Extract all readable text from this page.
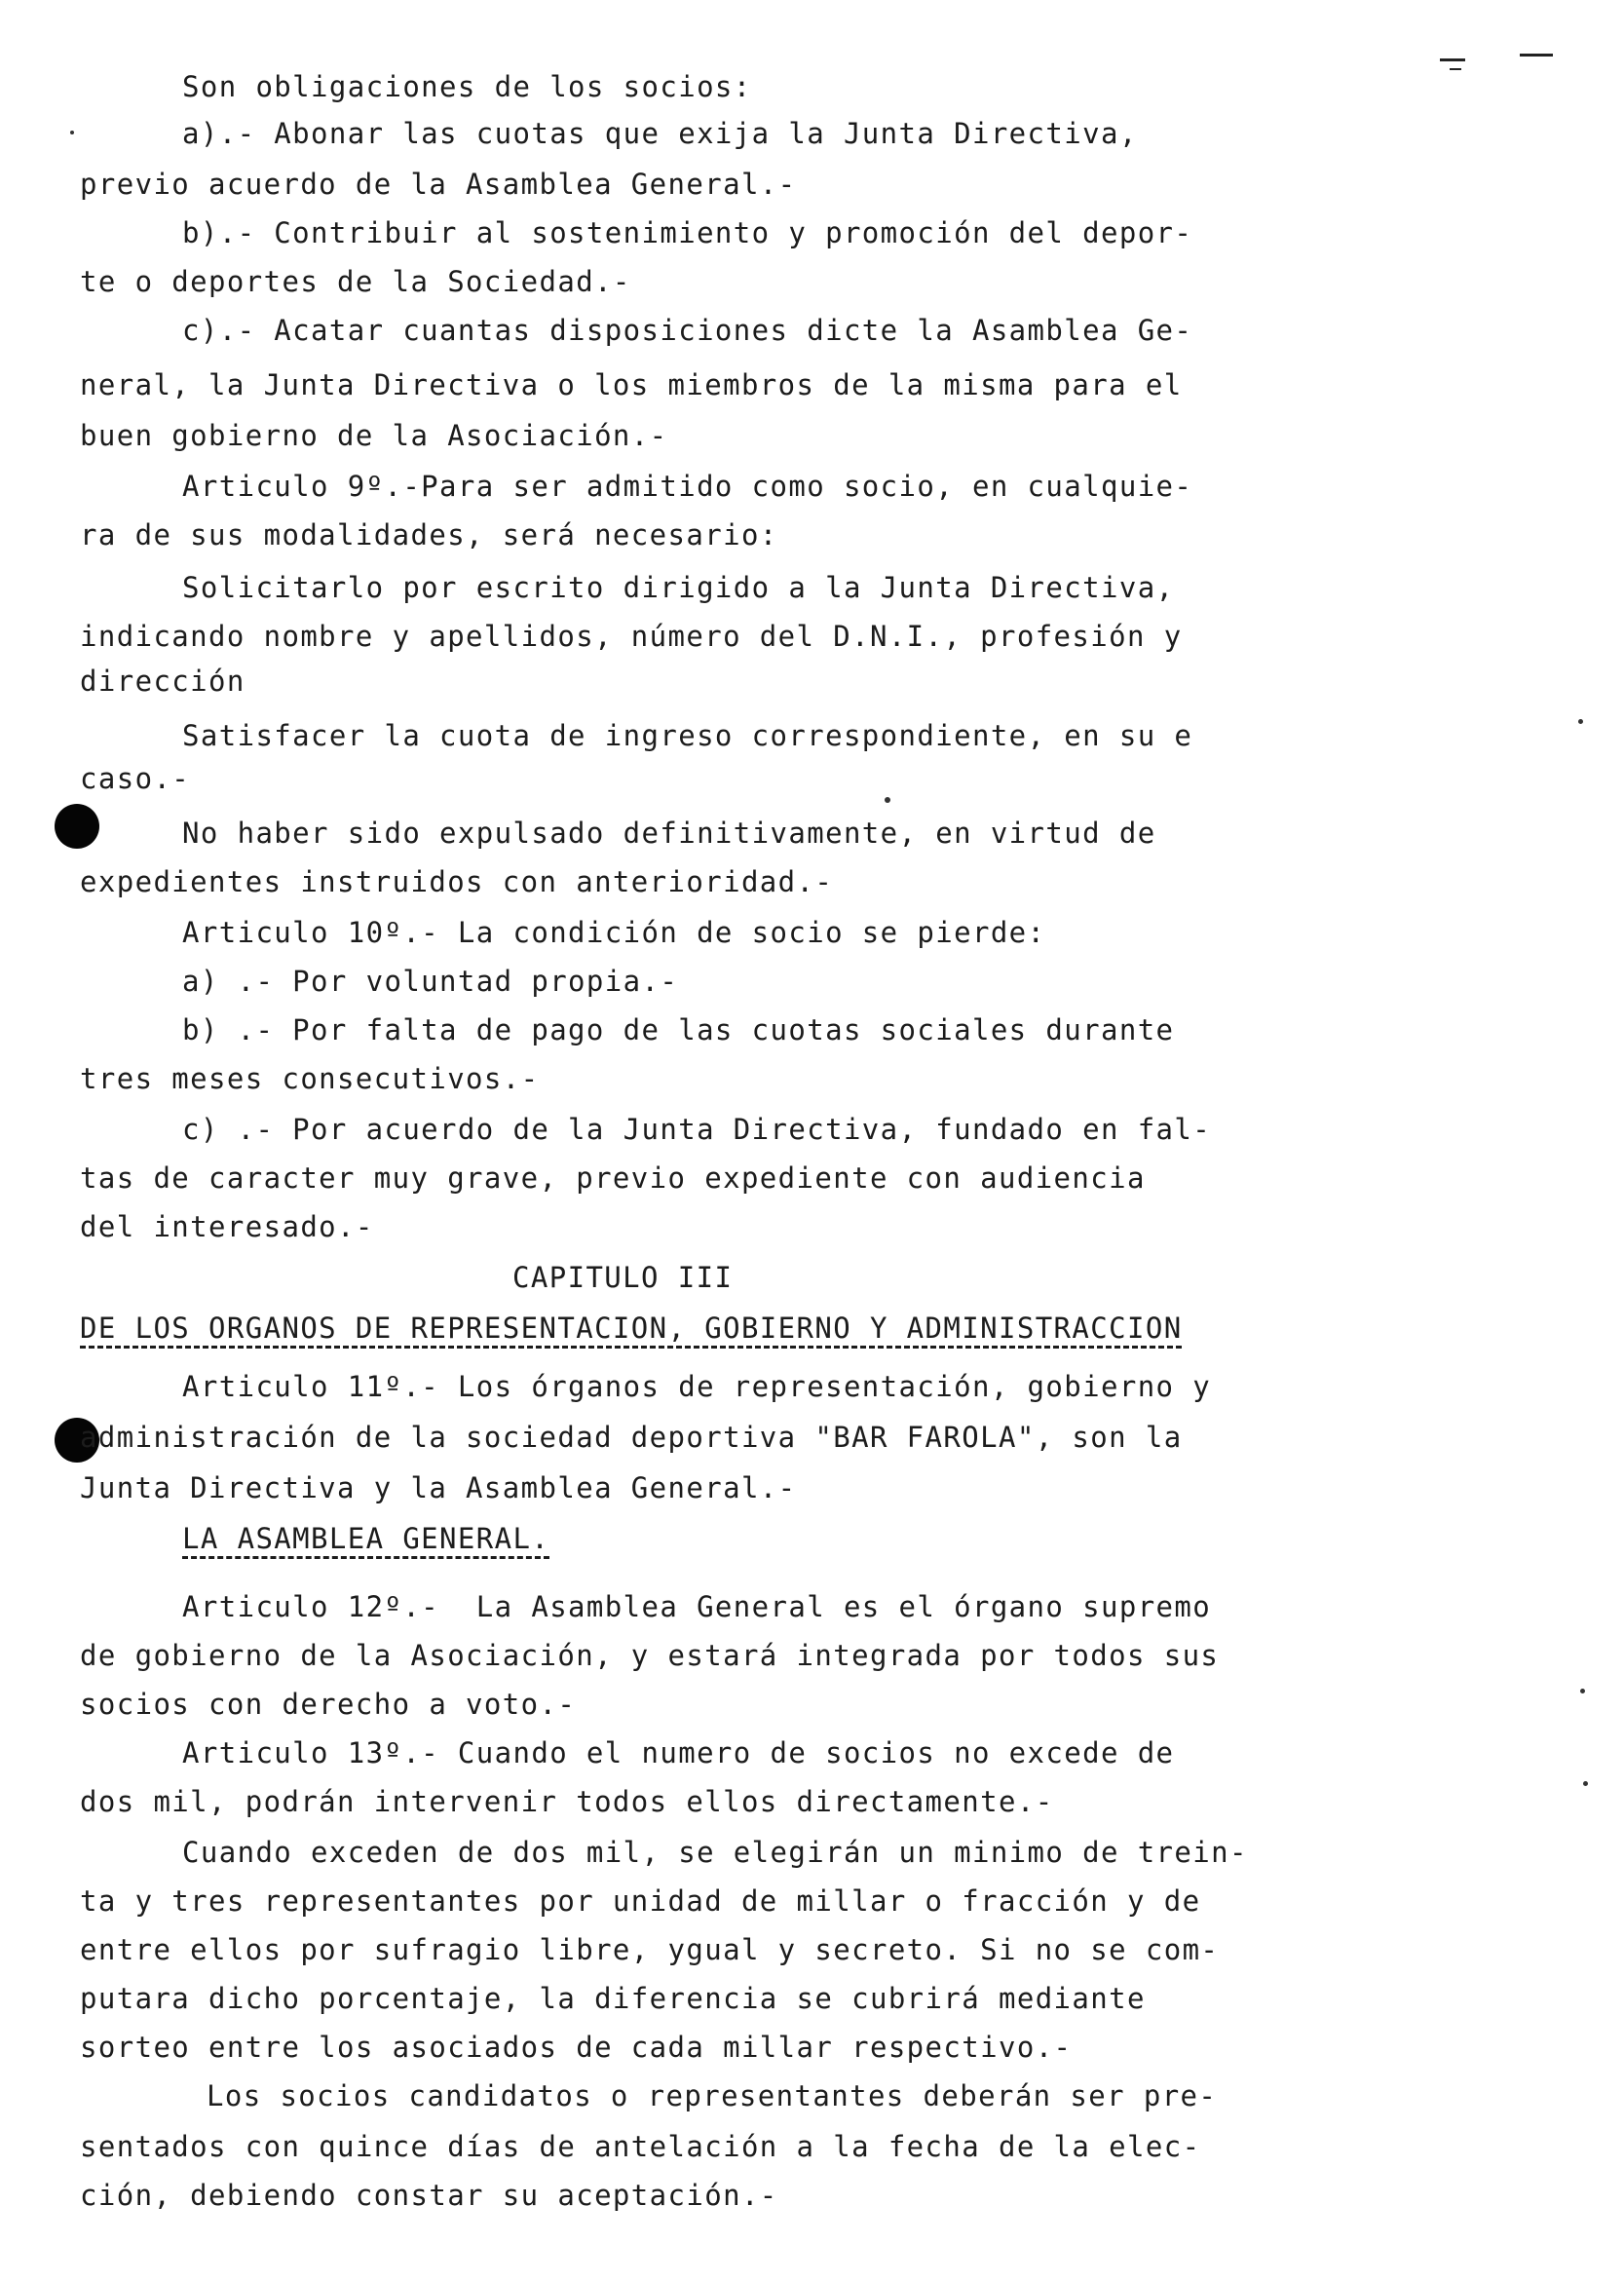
Son obligaciones de los socios:

a).- Abonar las cuotas que exija la Junta Directiva,

previo acuerdo de la Asamblea General.-

b).- Contribuir al sostenimiento y promoción del depor-

te o deportes de la Sociedad.-

c).- Acatar cuantas disposiciones dicte la Asamblea Ge-

neral, la Junta Directiva o los miembros de la misma para el

buen gobierno de la Asociación.-

Articulo 9º.-Para ser admitido como socio, en cualquie-

ra de sus modalidades, será necesario:

Solicitarlo por escrito dirigido a la Junta Directiva,

indicando nombre y apellidos, número del D.N.I., profesión y

dirección

Satisfacer la cuota de ingreso correspondiente, en su e

caso.-

No haber sido expulsado definitivamente, en virtud de

expedientes instruidos con anterioridad.-

Articulo 10º.- La condición de socio se pierde:

a) .- Por voluntad propia.-

b) .- Por falta de pago de las cuotas sociales durante

tres meses consecutivos.-

c) .- Por acuerdo de la Junta Directiva, fundado en fal-

tas de caracter muy grave, previo expediente con audiencia

del interesado.-

CAPITULO III

DE LOS ORGANOS DE REPRESENTACION, GOBIERNO Y ADMINISTRACCION

Articulo 11º.- Los órganos de representación, gobierno y

administración de la sociedad deportiva "BAR FAROLA", son la

Junta Directiva y la Asamblea General.-

LA ASAMBLEA GENERAL.

Articulo 12º.-  La Asamblea General es el órgano supremo

de gobierno de la Asociación, y estará integrada por todos sus

socios con derecho a voto.-

Articulo 13º.- Cuando el numero de socios no excede de

dos mil, podrán intervenir todos ellos directamente.-

Cuando exceden de dos mil, se elegirán un minimo de trein-

ta y tres representantes por unidad de millar o fracción y de

entre ellos por sufragio libre, ygual y secreto. Si no se com-

putara dicho porcentaje, la diferencia se cubrirá mediante

sorteo entre los asociados de cada millar respectivo.-

Los socios candidatos o representantes deberán ser pre-

sentados con quince días de antelación a la fecha de la elec-

ción, debiendo constar su aceptación.-
